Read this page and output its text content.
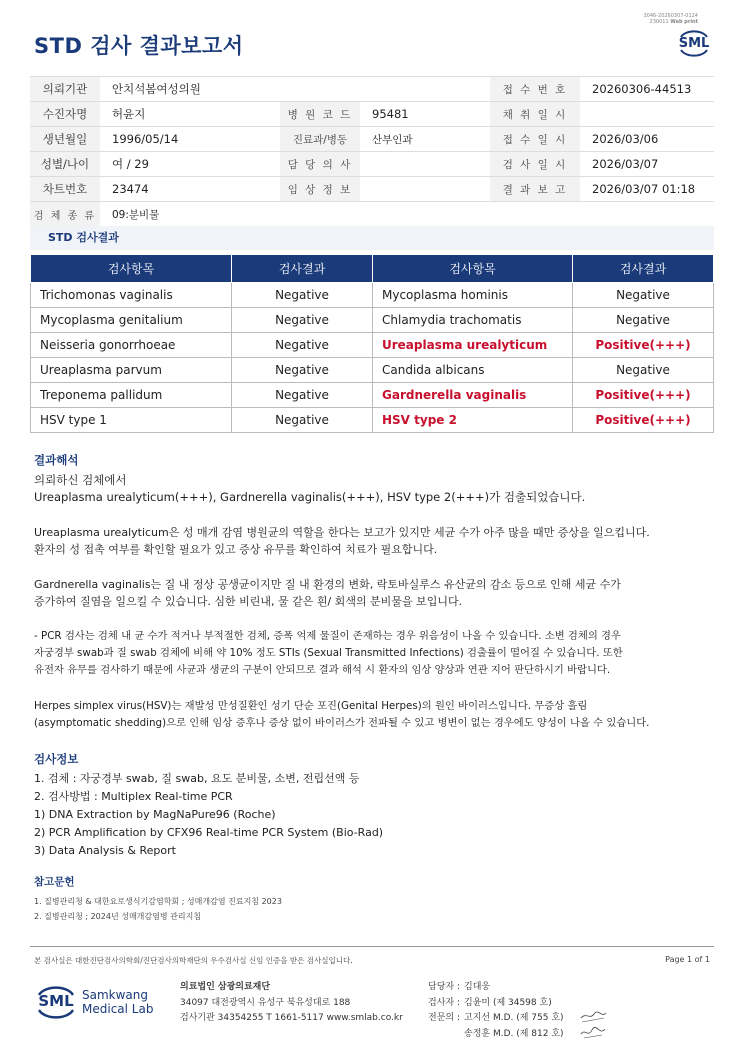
STD 검사 결과보고서
3046-20260307-0124
230011 Web print
SML
의뢰기관	안치석봄여성의원			접 수 번 호	20260306-44513
수진자명	허윤지	병 원 코 드	95481	채 취 일 시	
생년월일	1996/05/14	진료과/병동	산부인과	접 수 일 시	2026/03/06
성별/나이	여 / 29	담 당 의 사		검 사 일 시	2026/03/07
차트번호	23474	임 상 정 보		결 과 보 고	2026/03/07 01:18
검 체 종 류	09:분비물				
STD 검사결과
검사항목	검사결과	검사항목	검사결과
Trichomonas vaginalis	Negative	Mycoplasma hominis	Negative
Mycoplasma genitalium	Negative	Chlamydia trachomatis	Negative
Neisseria gonorrhoeae	Negative	Ureaplasma urealyticum	Positive(+++)
Ureaplasma parvum	Negative	Candida albicans	Negative
Treponema pallidum	Negative	Gardnerella vaginalis	Positive(+++)
HSV type 1	Negative	HSV type 2	Positive(+++)
결과해석
의뢰하신 검체에서
Ureaplasma urealyticum(+++), Gardnerella vaginalis(+++), HSV type 2(+++)가 검출되었습니다.
Ureaplasma urealyticum은 성 매개 감염 병원균의 역할을 한다는 보고가 있지만 세균 수가 아주 많을 때만 증상을 일으킵니다.
환자의 성 접촉 여부를 확인할 필요가 있고 증상 유무를 확인하여 치료가 필요합니다.
Gardnerella vaginalis는 질 내 정상 공생균이지만 질 내 환경의 변화, 락토바실루스 유산균의 감소 등으로 인해 세균 수가
증가하여 질염을 일으킬 수 있습니다. 심한 비린내, 물 같은 흰/ 회색의 분비물을 보입니다.
- PCR 검사는 검체 내 균 수가 적거나 부적절한 검체, 증폭 억제 물질이 존재하는 경우 위음성이 나올 수 있습니다. 소변 검체의 경우
자궁경부 swab과 질 swab 검체에 비해 약 10% 정도 STIs (Sexual Transmitted Infections) 검출률이 떨어질 수 있습니다. 또한
유전자 유무를 검사하기 때문에 사균과 생균의 구분이 안되므로 결과 해석 시 환자의 임상 양상과 연관 지어 판단하시기 바랍니다.
Herpes simplex virus(HSV)는 재발성 만성질환인 성기 단순 포진(Genital Herpes)의 원인 바이러스입니다. 무증상 흘림
(asymptomatic shedding)으로 인해 임상 증후나 증상 없이 바이러스가 전파될 수 있고 병변이 없는 경우에도 양성이 나올 수 있습니다.
검사정보
1. 검체 : 자궁경부 swab, 질 swab, 요도 분비물, 소변, 전립선액 등
2. 검사방법 : Multiplex Real-time PCR
1) DNA Extraction by MagNaPure96 (Roche)
2) PCR Amplification by CFX96 Real-time PCR System (Bio-Rad)
3) Data Analysis & Report
참고문헌
1. 질병관리청 & 대한요로생식기감염학회 ; 성매개감염 진료지침 2023
2. 질병관리청 ; 2024년 성매개감염병 관리지침
본 검사실은 대한진단검사의학회/진단검사의학재단의 우수검사실 신임 인증을 받은 검사실입니다.	Page 1 of 1
SML Samkwang
Medical Lab
의료법인 삼광의료재단
34097 대전광역시 유성구 북유성대로 188
검사기관 34354255 T 1661-5117 www.smlab.co.kr
담당자 : 김대웅
검사자 : 김윤미 (제 34598 호)
전문의 : 고지선 M.D. (제 755 호)
송정훈 M.D. (제 812 호)
